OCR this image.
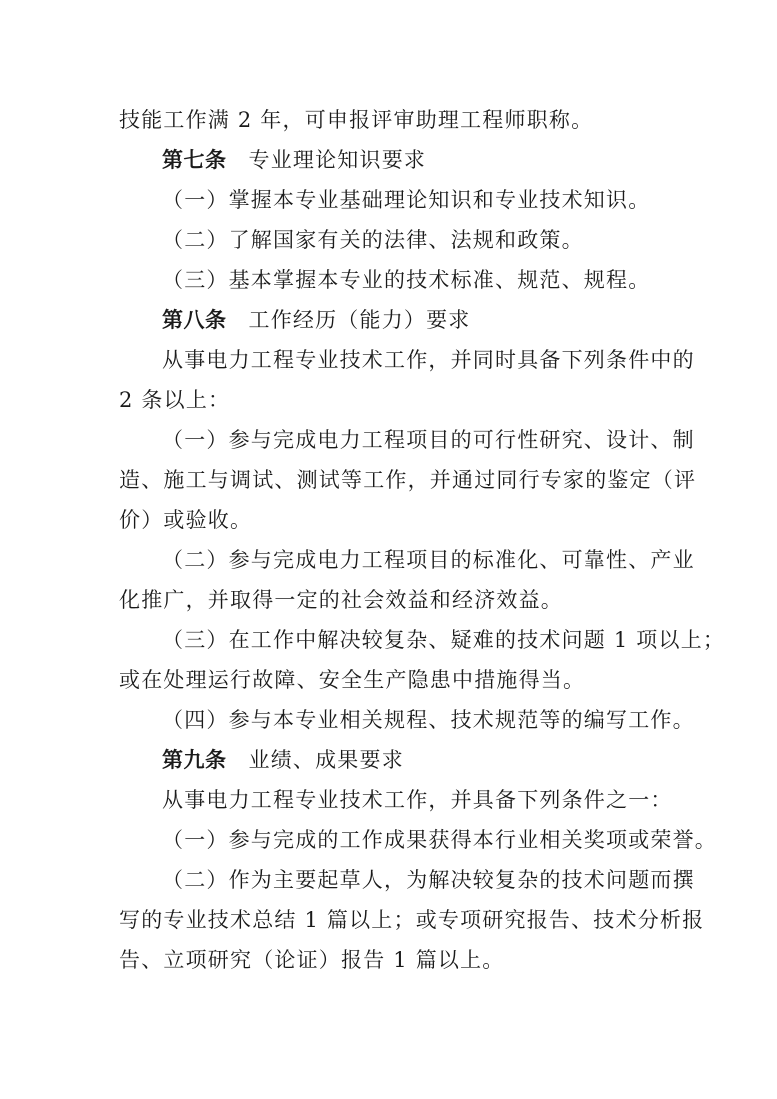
技能工作满 2 年，可申报评审助理工程师职称。
第七条 专业理论知识要求
（一）掌握本专业基础理论知识和专业技术知识。
（二）了解国家有关的法律、法规和政策。
（三）基本掌握本专业的技术标准、规范、规程。
第八条 工作经历（能力）要求
从事电力工程专业技术工作，并同时具备下列条件中的
2 条以上：
（一）参与完成电力工程项目的可行性研究、设计、制
造、施工与调试、测试等工作，并通过同行专家的鉴定（评
价）或验收。
（二）参与完成电力工程项目的标准化、可靠性、产业
化推广，并取得一定的社会效益和经济效益。
（三）在工作中解决较复杂、疑难的技术问题 1 项以上；
或在处理运行故障、安全生产隐患中措施得当。
（四）参与本专业相关规程、技术规范等的编写工作。
第九条 业绩、成果要求
从事电力工程专业技术工作，并具备下列条件之一：
（一）参与完成的工作成果获得本行业相关奖项或荣誉。
（二）作为主要起草人，为解决较复杂的技术问题而撰
写的专业技术总结 1 篇以上；或专项研究报告、技术分析报
告、立项研究（论证）报告 1 篇以上。
